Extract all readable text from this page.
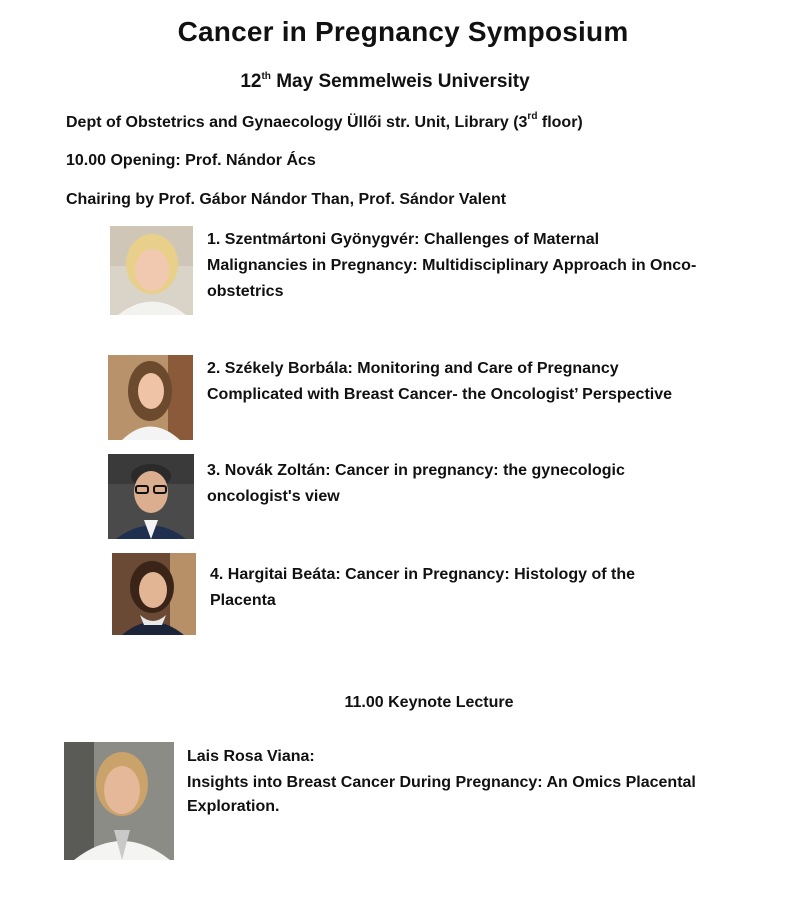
Cancer in Pregnancy Symposium
12th May Semmelweis University
Dept of Obstetrics and Gynaecology Üllői str. Unit, Library (3rd floor)
10.00 Opening: Prof. Nándor Ács
Chairing by Prof. Gábor Nándor Than, Prof. Sándor Valent
1. Szentmártoni Gyönygvér: Challenges of Maternal
Malignancies in Pregnancy: Multidisciplinary Approach in Onco-
obstetrics
2. Székely Borbála: Monitoring and Care of Pregnancy
Complicated with Breast Cancer- the Oncologist’ Perspective
3. Novák Zoltán: Cancer in pregnancy: the gynecologic
oncologist's view
4. Hargitai Beáta: Cancer in Pregnancy: Histology of the
Placenta
11.00 Keynote Lecture
Lais Rosa Viana:
Insights into Breast Cancer During Pregnancy: An Omics Placental
Exploration.
